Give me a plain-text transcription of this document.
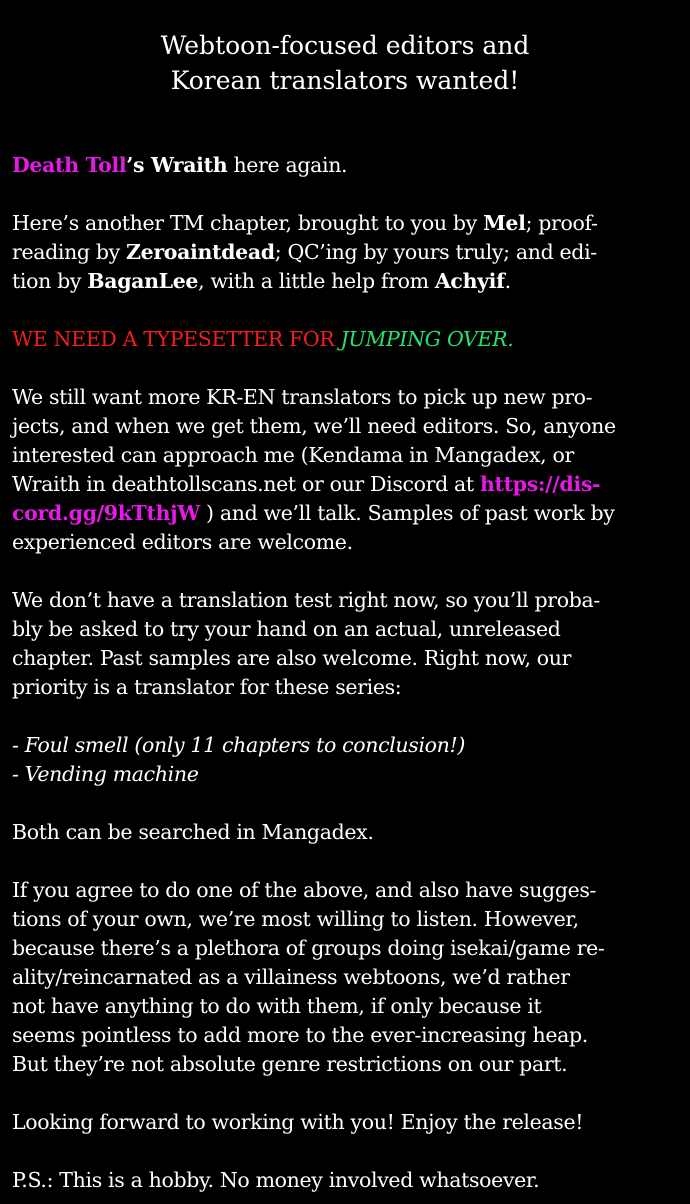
Webtoon-focused editors and
Korean translators wanted!
Death Toll’s Wraith here again.
Here’s another TM chapter, brought to you by Mel; proof-
reading by Zeroaintdead; QC’ing by yours truly; and edi-
tion by BaganLee, with a little help from Achyif.
WE NEED A TYPESETTER FOR JUMPING OVER.
We still want more KR-EN translators to pick up new pro-
jects, and when we get them, we’ll need editors. So, anyone
interested can approach me (Kendama in Mangadex, or
Wraith in deathtollscans.net or our Discord at https://dis-
cord.gg/9kTthjW ) and we’ll talk. Samples of past work by
experienced editors are welcome.
We don’t have a translation test right now, so you’ll proba-
bly be asked to try your hand on an actual, unreleased
chapter. Past samples are also welcome. Right now, our
priority is a translator for these series:
- Foul smell (only 11 chapters to conclusion!)
- Vending machine
Both can be searched in Mangadex.
If you agree to do one of the above, and also have sugges-
tions of your own, we’re most willing to listen. However,
because there’s a plethora of groups doing isekai/game re-
ality/reincarnated as a villainess webtoons, we’d rather
not have anything to do with them, if only because it
seems pointless to add more to the ever-increasing heap.
But they’re not absolute genre restrictions on our part.
Looking forward to working with you! Enjoy the release!
P.S.: This is a hobby. No money involved whatsoever.
